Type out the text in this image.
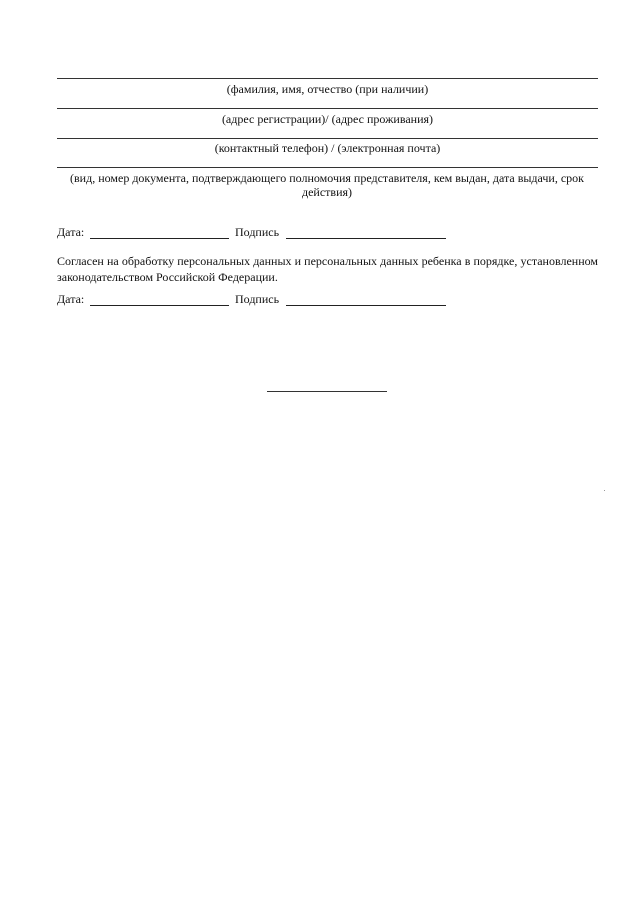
(фамилия, имя, отчество (при наличии)
(адрес регистрации)/ (адрес проживания)
(контактный телефон) / (электронная почта)
(вид, номер документа, подтверждающего полномочия представителя, кем выдан, дата выдачи, срок действия)
Дата:	Подпись
Согласен на обработку персональных данных и персональных данных ребенка в порядке, установленном законодательством Российской Федерации.
Дата:	Подпись
